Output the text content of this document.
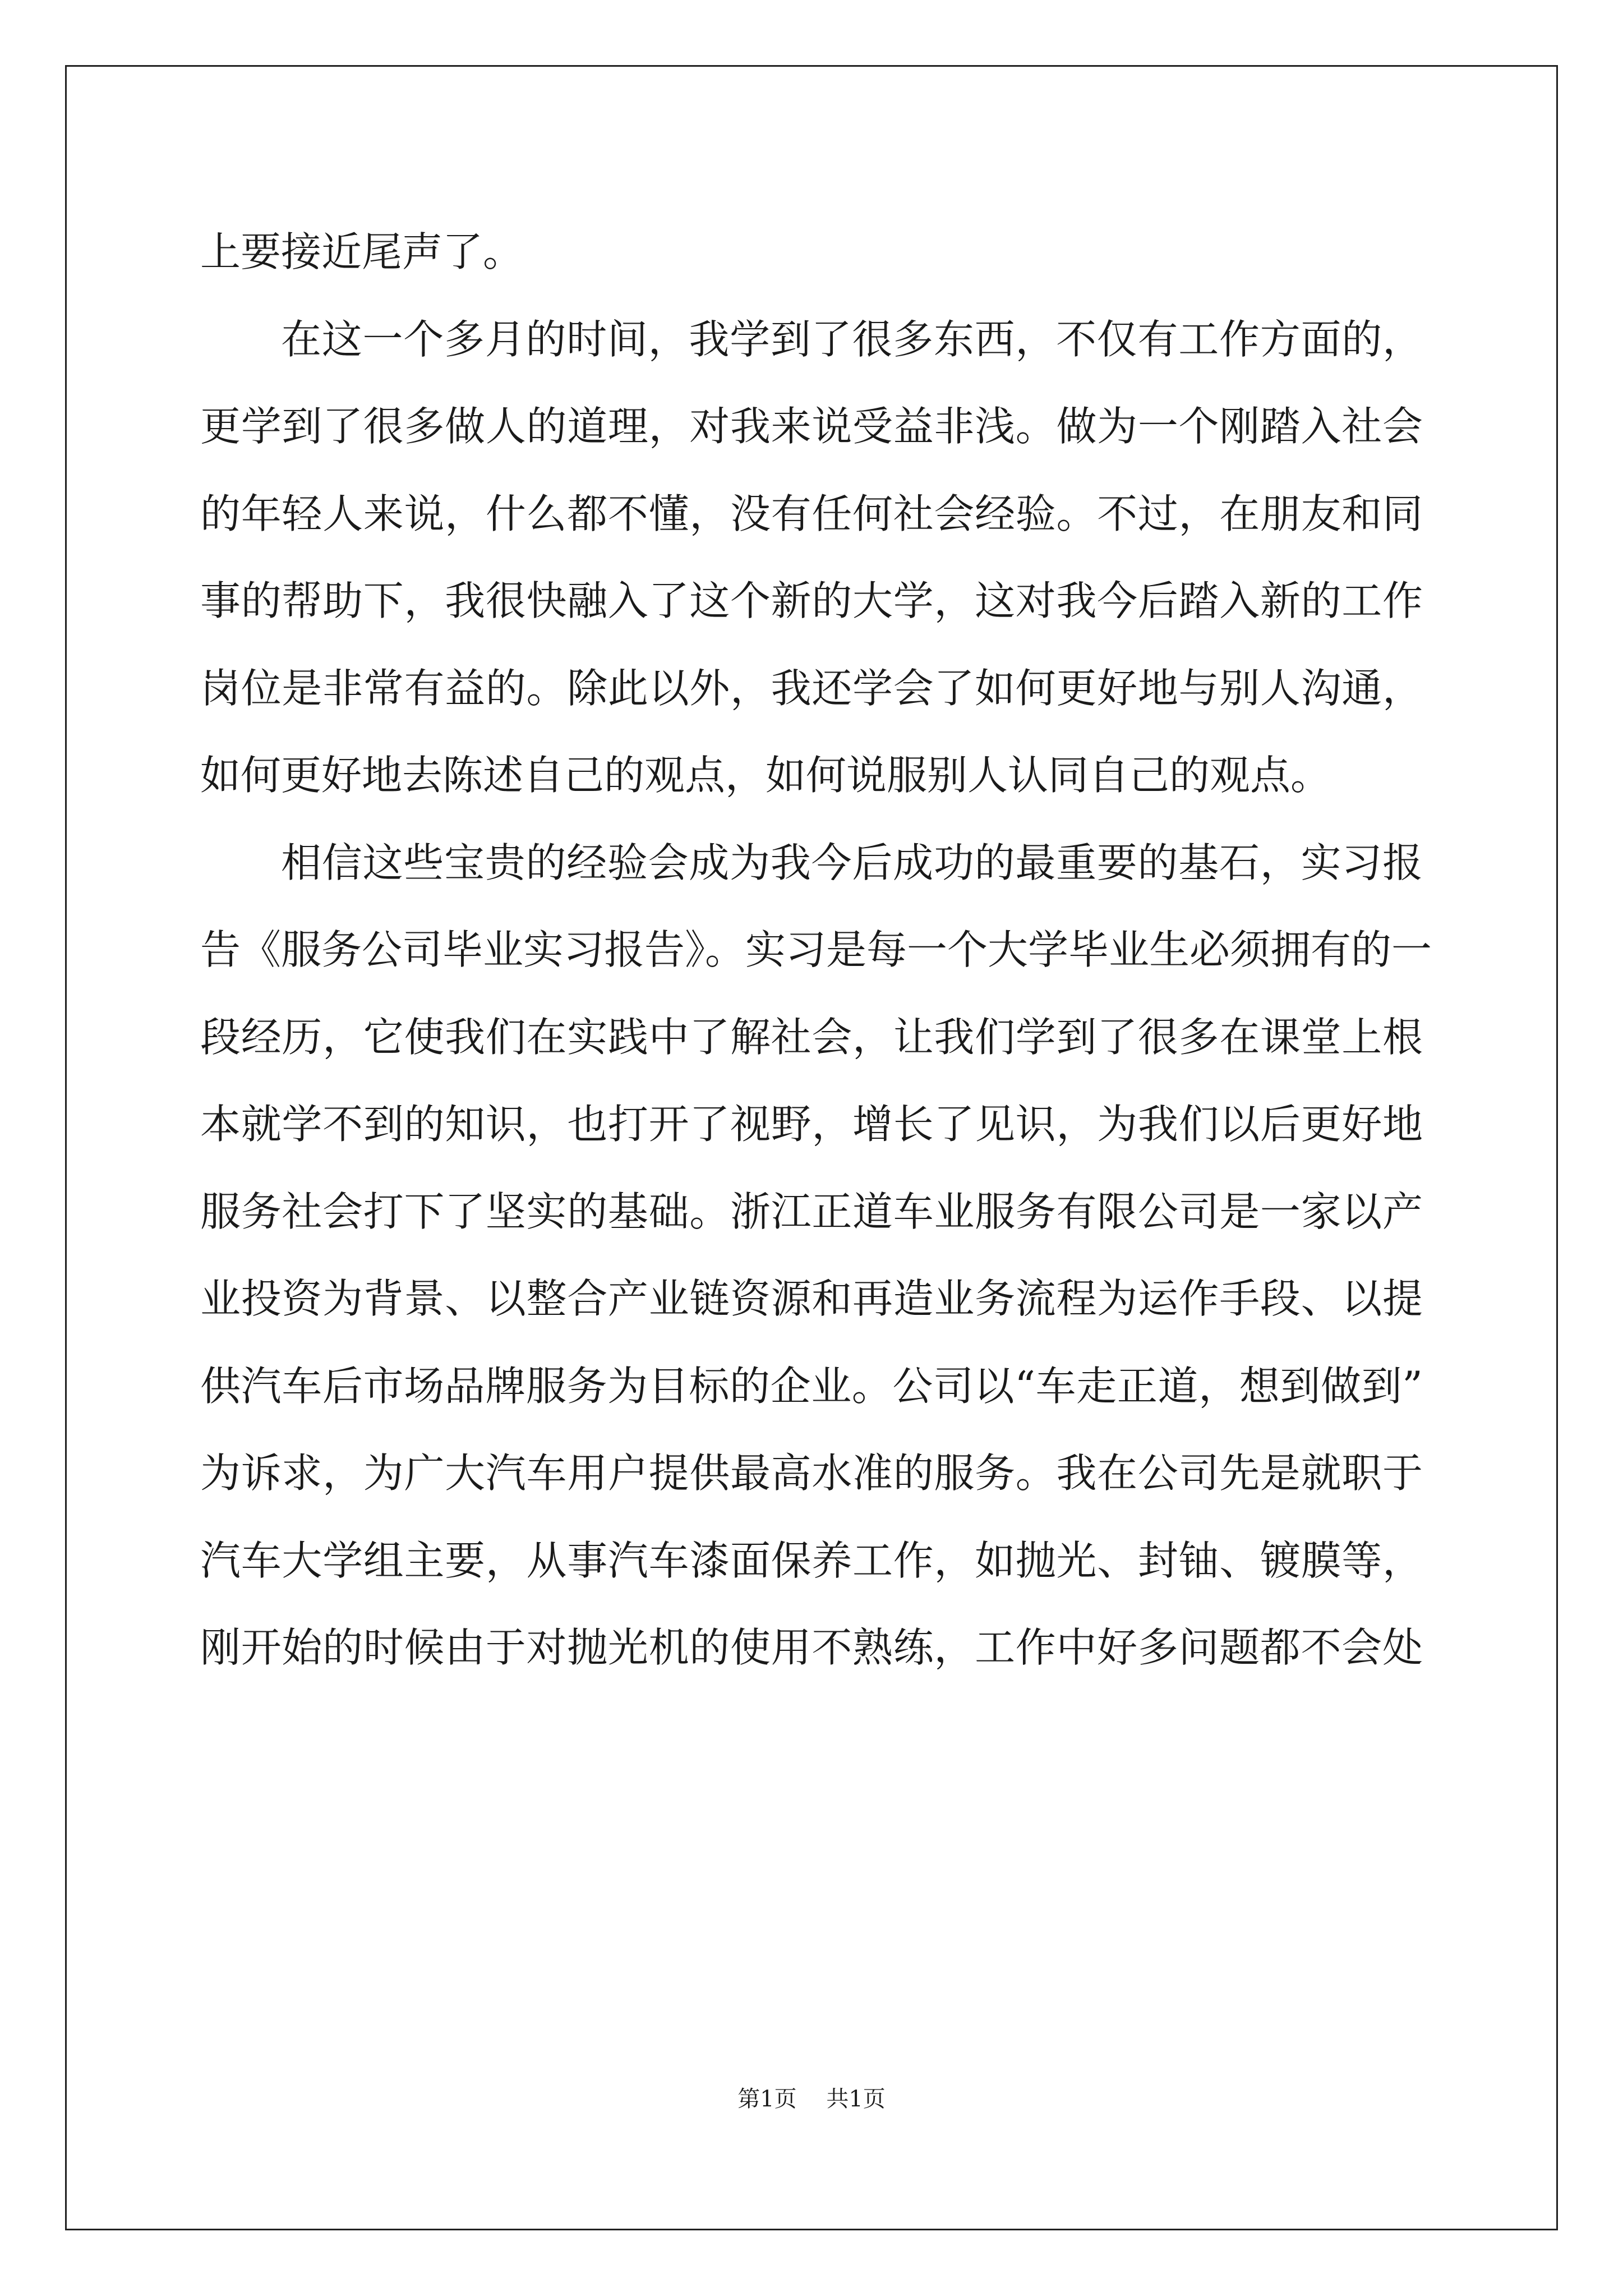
上要接近尾声了。
在这一个多月的时间，我学到了很多东西，不仅有工作方面的，
更学到了很多做人的道理，对我来说受益非浅。做为一个刚踏入社会
的年轻人来说，什么都不懂，没有任何社会经验。不过，在朋友和同
事的帮助下，我很快融入了这个新的大学，这对我今后踏入新的工作
岗位是非常有益的。除此以外，我还学会了如何更好地与别人沟通，
如何更好地去陈述自己的观点，如何说服别人认同自己的观点。
相信这些宝贵的经验会成为我今后成功的最重要的基石，实习报
告《服务公司毕业实习报告》。实习是每一个大学毕业生必须拥有的一
段经历，它使我们在实践中了解社会，让我们学到了很多在课堂上根
本就学不到的知识，也打开了视野，增长了见识，为我们以后更好地
服务社会打下了坚实的基础。浙江正道车业服务有限公司是一家以产
业投资为背景、以整合产业链资源和再造业务流程为运作手段、以提
供汽车后市场品牌服务为目标的企业。公司以“车走正道，想到做到”
为诉求，为广大汽车用户提供最高水准的服务。我在公司先是就职于
汽车大学组主要，从事汽车漆面保养工作，如抛光、封铀、镀膜等，
刚开始的时候由于对抛光机的使用不熟练，工作中好多问题都不会处
第1页 共1页
